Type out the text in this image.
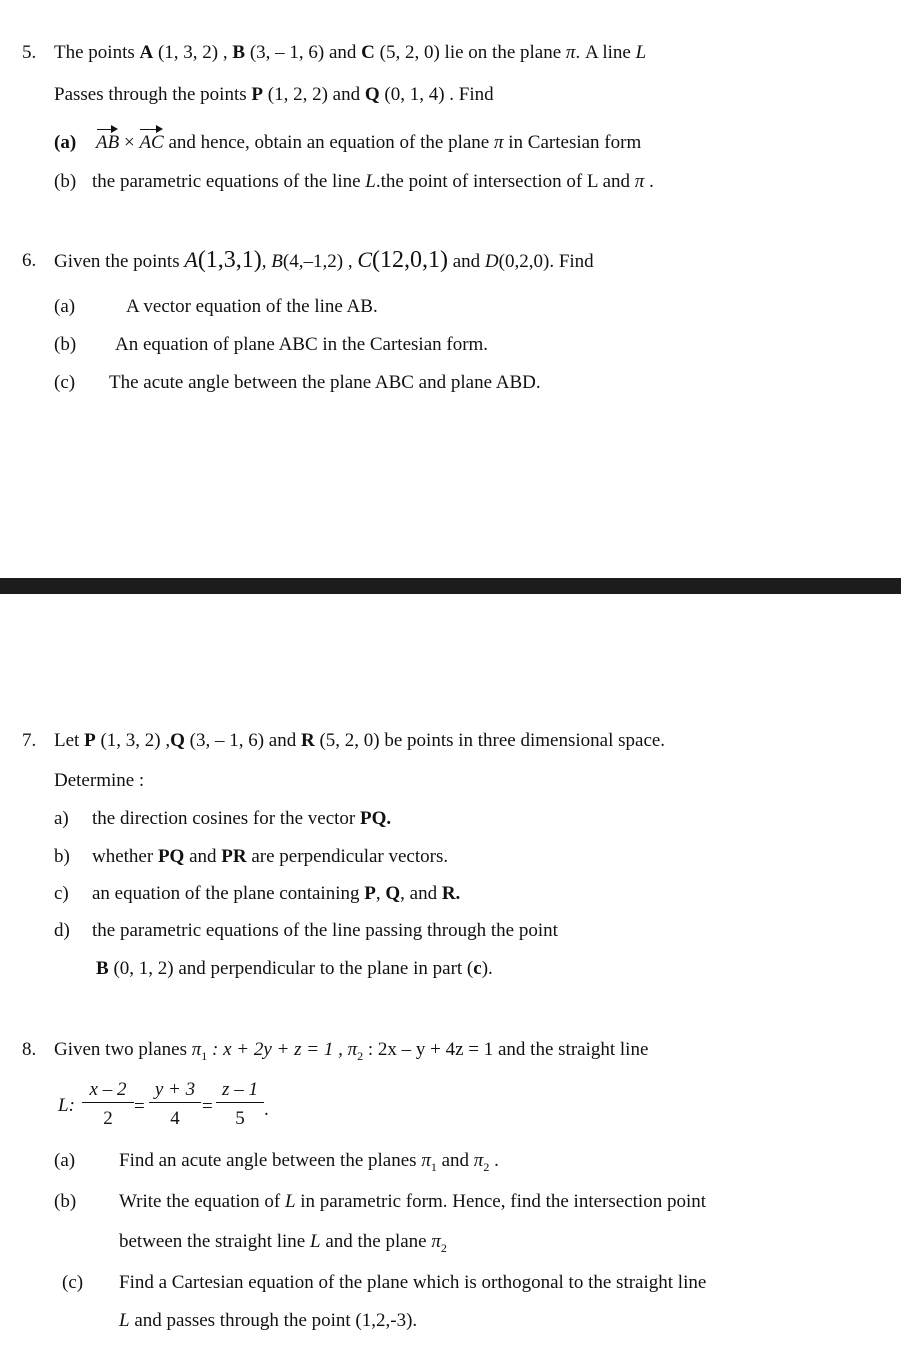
5. The points A (1, 3, 2) , B (3, – 1, 6) and C (5, 2, 0) lie on the plane π. A line L
Passes through the points P (1, 2, 2) and Q (0, 1, 4) . Find
(a) AB × AC and hence, obtain an equation of the plane π in Cartesian form
(b) the parametric equations of the line L.the point of intersection of L and π .
6. Given the points A(1,3,1), B(4,–1,2) , C(12,0,1) and D(0,2,0). Find
(a)	A vector equation of the line AB.
(b) An equation of plane ABC in the Cartesian form.
(c) The acute angle between the plane ABC and plane ABD.
7. Let P (1, 3, 2) ,Q (3, – 1, 6) and R (5, 2, 0) be points in three dimensional space.
Determine :
a) the direction cosines for the vector PQ.
b) whether PQ and PR are perpendicular vectors.
c) an equation of the plane containing P, Q, and R.
d) the parametric equations of the line passing through the point
B (0, 1, 2) and perpendicular to the plane in part (c).
8. Given two planes $\pi_1$ : x + 2y + z = 1 , $\pi_2$ : 2x – y + 4z = 1 and the straight line
L: $\frac{x - 2}{2} = \frac{y + 3}{4} = \frac{z - 1}{5}$ .
(a) Find an acute angle between the planes $\pi_1$ and $\pi_2$ .
(b) Write the equation of L in parametric form. Hence, find the intersection point
between the straight line L and the plane $\pi_2$
(c) Find a Cartesian equation of the plane which is orthogonal to the straight line
L and passes through the point (1,2,-3).
